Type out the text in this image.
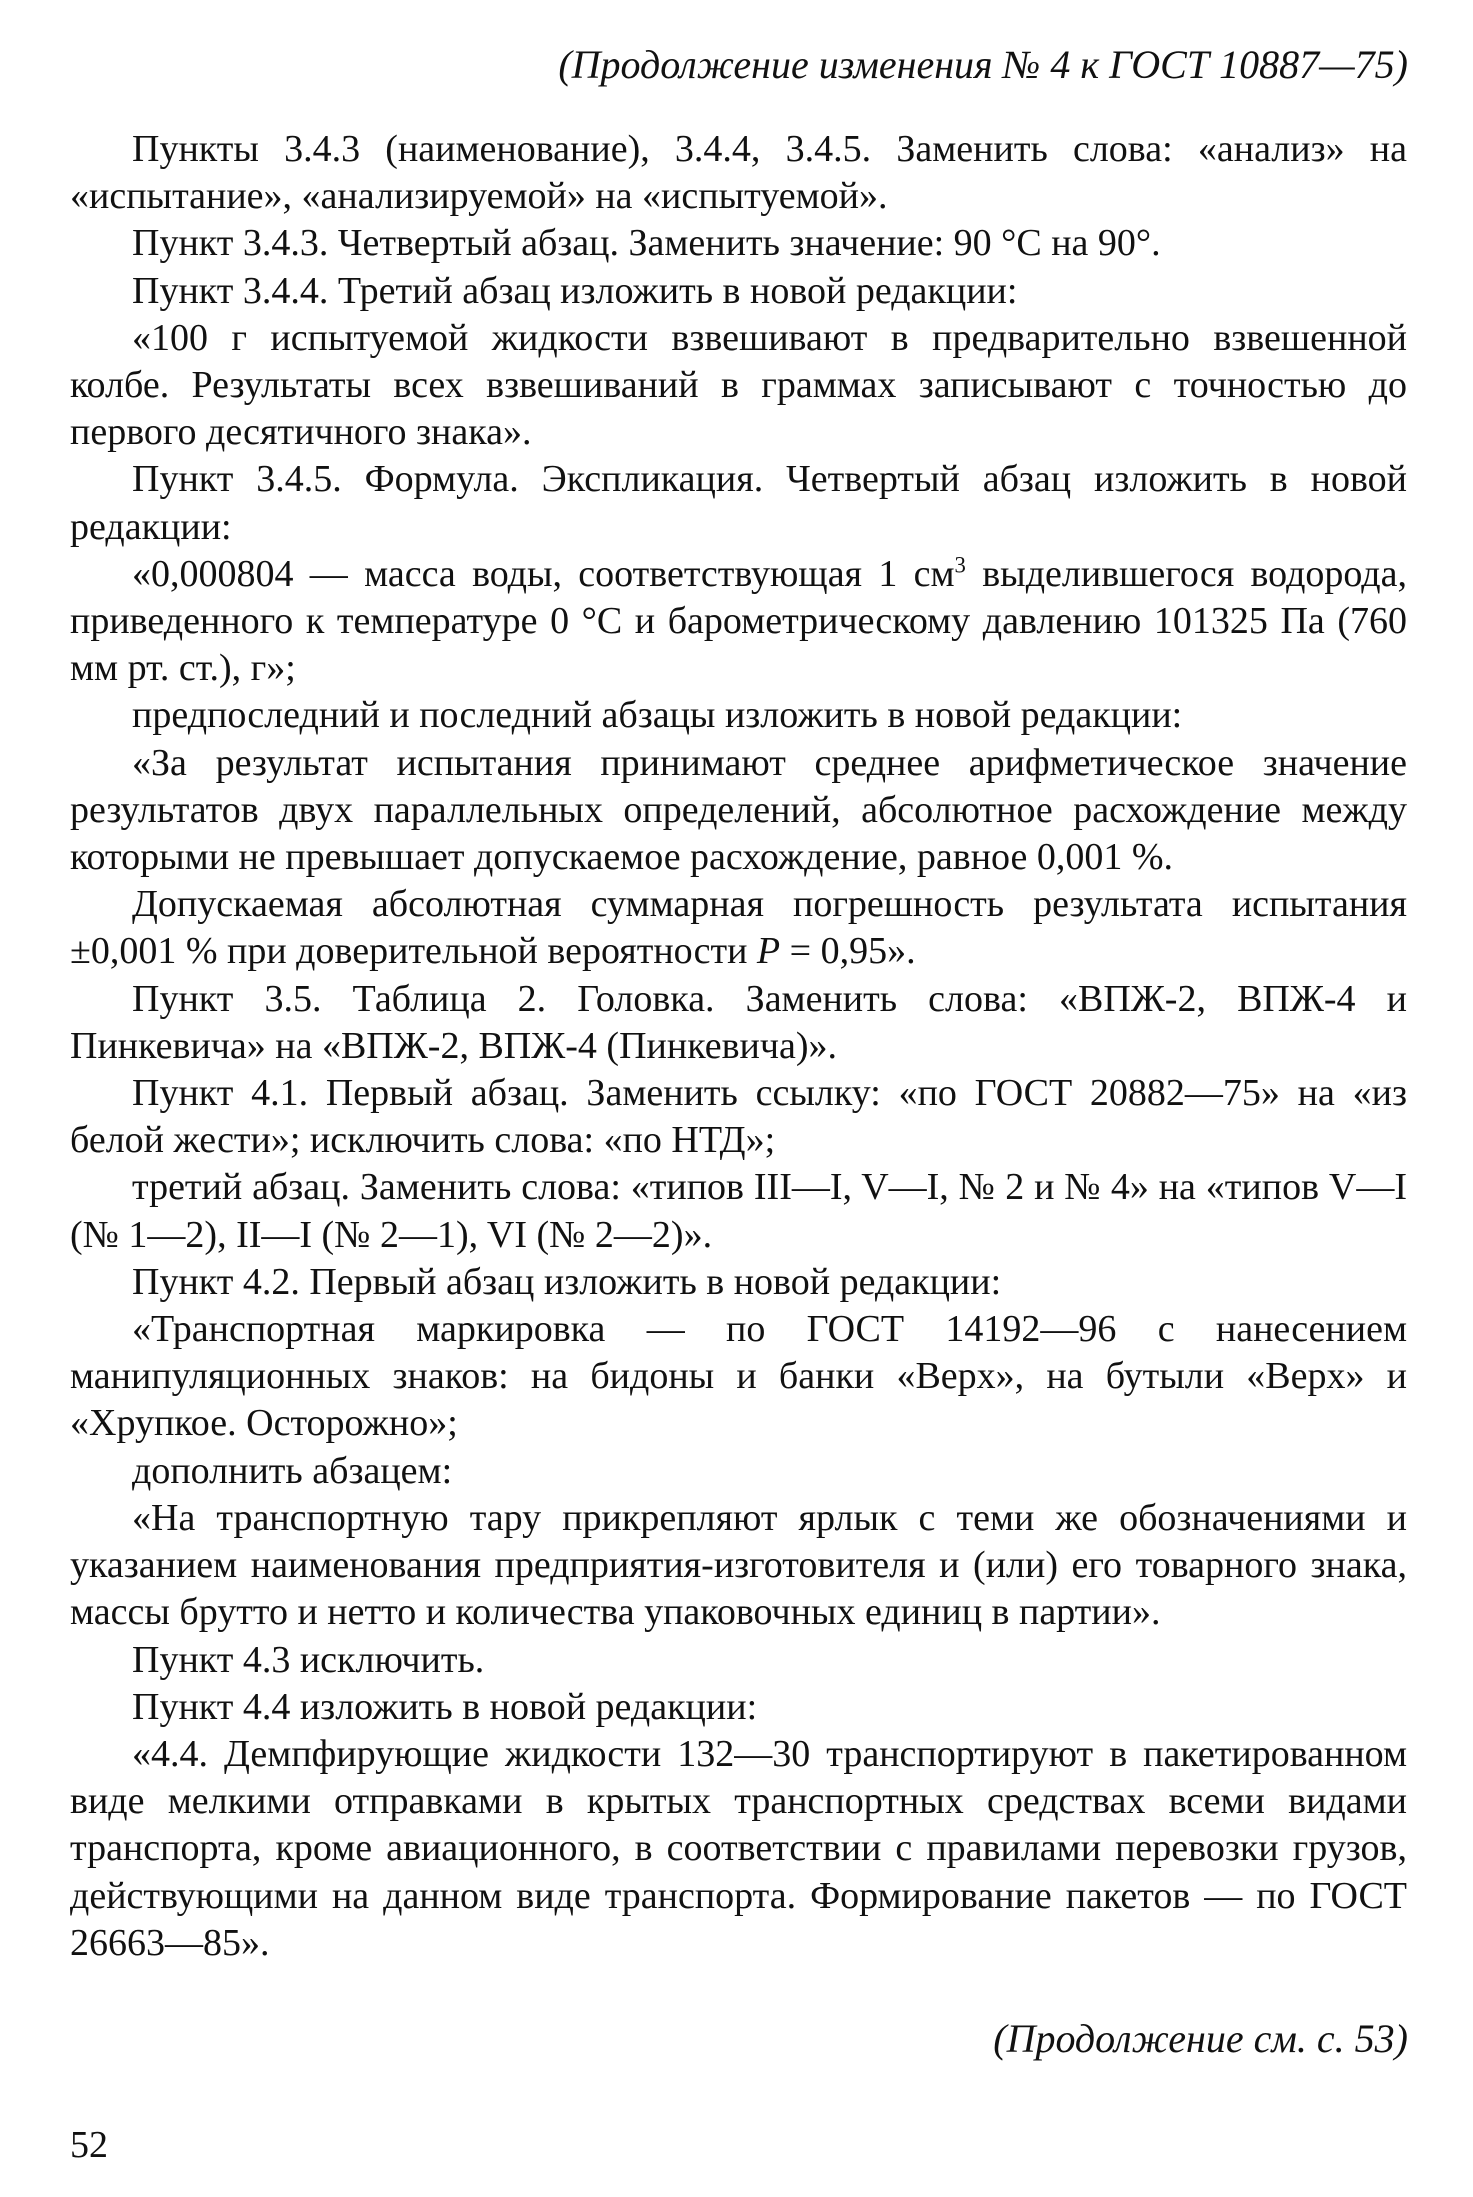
(Продолжение изменения № 4 к ГОСТ 10887—75)

Пункты 3.4.3 (наименование), 3.4.4, 3.4.5. Заменить слова: «анализ» на «испытание», «анализируемой» на «испытуемой».

Пункт 3.4.3. Четвертый абзац. Заменить значение: 90 °С на 90°.

Пункт 3.4.4. Третий абзац изложить в новой редакции:

«100 г испытуемой жидкости взвешивают в предварительно взвешенной колбе. Результаты всех взвешиваний в граммах записывают с точностью до первого десятичного знака».

Пункт 3.4.5. Формула. Экспликация. Четвертый абзац изложить в новой редакции:

«0,000804 — масса воды, соответствующая 1 $см^3$ выделившегося водорода, приведенного к температуре 0 °С и барометрическому давлению 101325 Па (760 мм рт. ст.), г»;

предпоследний и последний абзацы изложить в новой редакции:

«За результат испытания принимают среднее арифметическое значение результатов двух параллельных определений, абсолютное расхождение между которыми не превышает допускаемое расхождение, равное 0,001 %.

Допускаемая абсолютная суммарная погрешность результата испытания ±0,001 % при доверительной вероятности Р = 0,95».

Пункт 3.5. Таблица 2. Головка. Заменить слова: «ВПЖ-2, ВПЖ-4 и Пинкевича» на «ВПЖ-2, ВПЖ-4 (Пинкевича)».

Пункт 4.1. Первый абзац. Заменить ссылку: «по ГОСТ 20882—75» на «из белой жести»; исключить слова: «по НТД»;

третий абзац. Заменить слова: «типов III—I, V—I, № 2 и № 4» на «типов V—I (№ 1—2), II—I (№ 2—1), VI (№ 2—2)».

Пункт 4.2. Первый абзац изложить в новой редакции:

«Транспортная маркировка — по ГОСТ 14192—96 с нанесением манипуляционных знаков: на бидоны и банки «Верх», на бутыли «Верх» и «Хрупкое. Осторожно»;

дополнить абзацем:

«На транспортную тару прикрепляют ярлык с теми же обозначениями и указанием наименования предприятия-изготовителя и (или) его товарного знака, массы брутто и нетто и количества упаковочных единиц в партии».

Пункт 4.3 исключить.

Пункт 4.4 изложить в новой редакции:

«4.4. Демпфирующие жидкости 132—30 транспортируют в пакетированном виде мелкими отправками в крытых транспортных средствах всеми видами транспорта, кроме авиационного, в соответствии с правилами перевозки грузов, действующими на данном виде транспорта. Формирование пакетов — по ГОСТ 26663—85».

(Продолжение см. с. 53)
52
